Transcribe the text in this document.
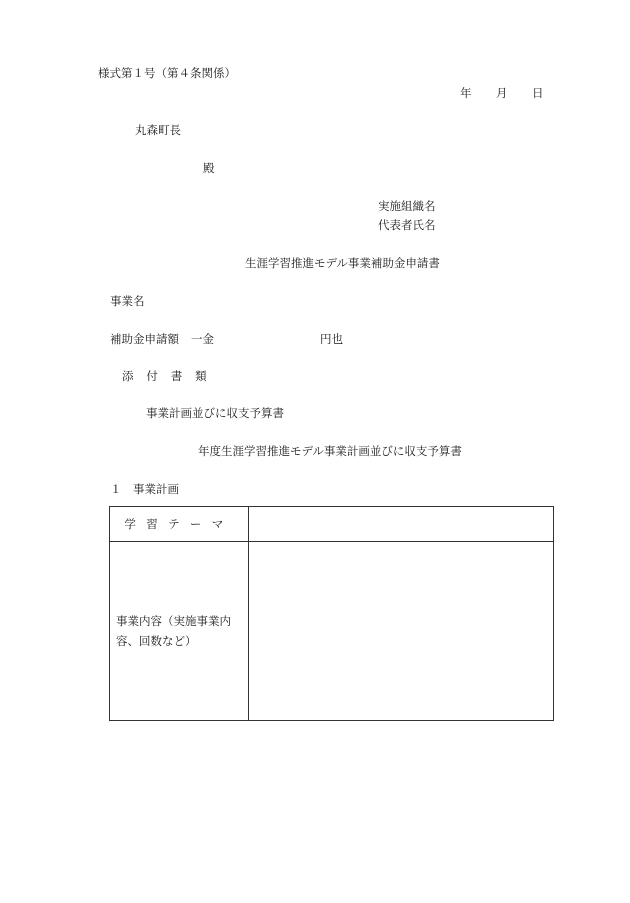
様式第１号（第４条関係）
年 月 日
丸森町長
殿
実施組織名
代表者氏名
生涯学習推進モデル事業補助金申請書
事業名
補助金申請額 一金	円也
添 付 書 類
事業計画並びに収支予算書
年度生涯学習推進モデル事業計画並びに収支予算書
１　事業計画
学習テーマ	
事業内容（実施事業内容、回数など）	
